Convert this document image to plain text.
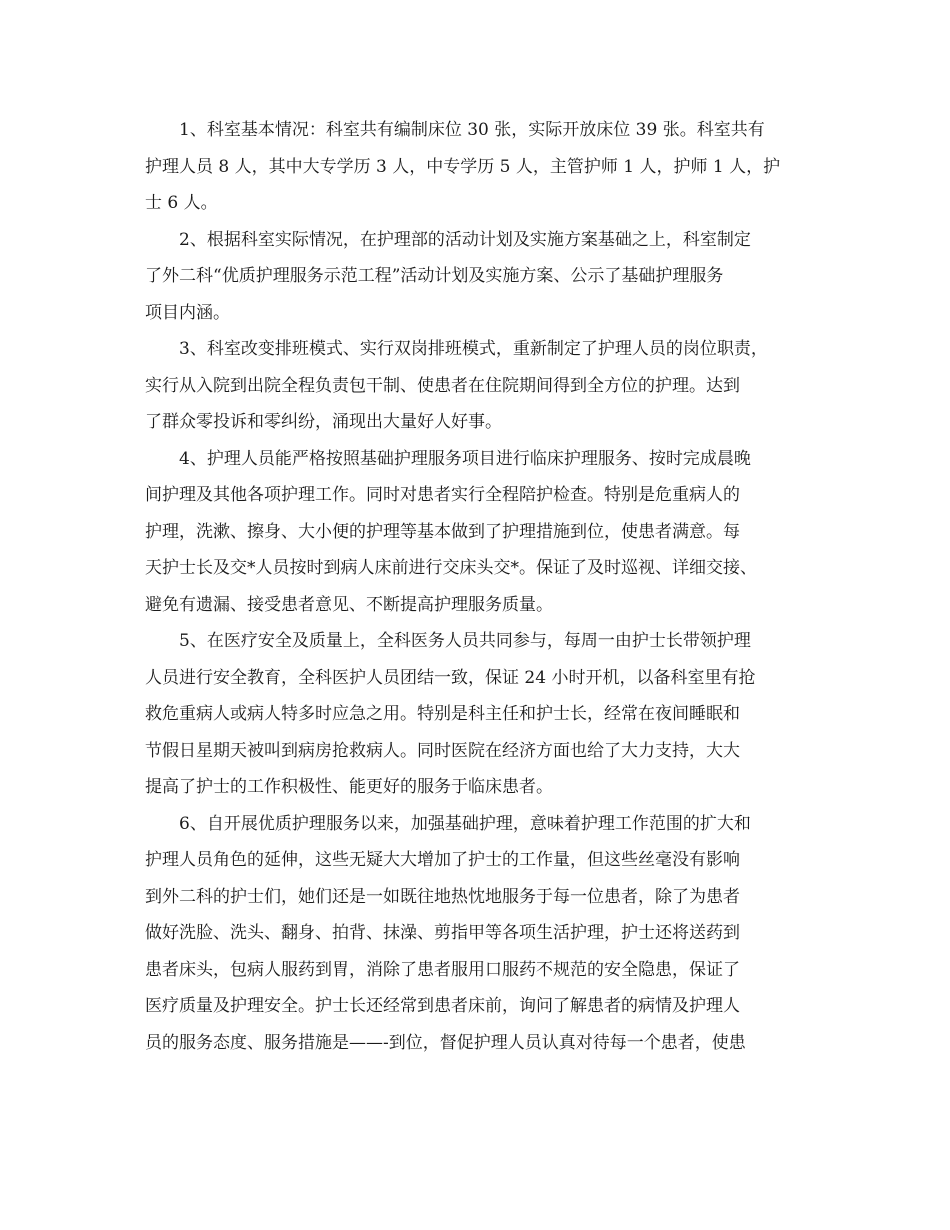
1、科室基本情况：科室共有编制床位 30 张，实际开放床位 39 张。科室共有
护理人员 8 人，其中大专学历 3 人，中专学历 5 人，主管护师 1 人，护师 1 人，护
士 6 人。
2、根据科室实际情况，在护理部的活动计划及实施方案基础之上，科室制定
了外二科“优质护理服务示范工程”活动计划及实施方案、公示了基础护理服务
项目内涵。
3、科室改变排班模式、实行双岗排班模式，重新制定了护理人员的岗位职责，
实行从入院到出院全程负责包干制、使患者在住院期间得到全方位的护理。达到
了群众零投诉和零纠纷，涌现出大量好人好事。
4、护理人员能严格按照基础护理服务项目进行临床护理服务、按时完成晨晚
间护理及其他各项护理工作。同时对患者实行全程陪护检查。特别是危重病人的
护理，洗漱、擦身、大小便的护理等基本做到了护理措施到位，使患者满意。每
天护士长及交*人员按时到病人床前进行交床头交*。保证了及时巡视、详细交接、
避免有遗漏、接受患者意见、不断提高护理服务质量。
5、在医疗安全及质量上，全科医务人员共同参与，每周一由护士长带领护理
人员进行安全教育，全科医护人员团结一致，保证 24 小时开机，以备科室里有抢
救危重病人或病人特多时应急之用。特别是科主任和护士长，经常在夜间睡眠和
节假日星期天被叫到病房抢救病人。同时医院在经济方面也给了大力支持，大大
提高了护士的工作积极性、能更好的服务于临床患者。
6、自开展优质护理服务以来，加强基础护理，意味着护理工作范围的扩大和
护理人员角色的延伸，这些无疑大大增加了护士的工作量，但这些丝毫没有影响
到外二科的护士们，她们还是一如既往地热忱地服务于每一位患者，除了为患者
做好洗脸、洗头、翻身、拍背、抹澡、剪指甲等各项生活护理，护士还将送药到
患者床头，包病人服药到胃，消除了患者服用口服药不规范的安全隐患，保证了
医疗质量及护理安全。护士长还经常到患者床前，询问了解患者的病情及护理人
员的服务态度、服务措施是——-到位，督促护理人员认真对待每一个患者，使患
